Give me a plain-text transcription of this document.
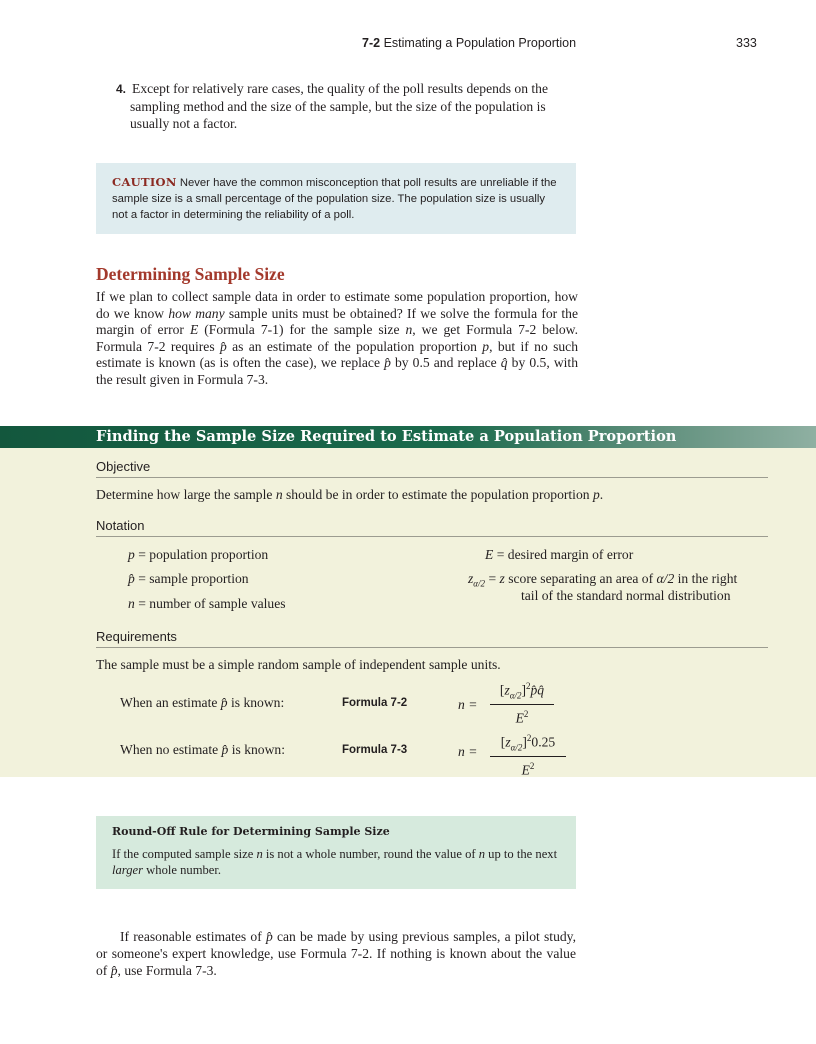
7-2 Estimating a Population Proportion	333
4. Except for relatively rare cases, the quality of the poll results depends on the sampling method and the size of the sample, but the size of the population is usually not a factor.
CAUTION Never have the common misconception that poll results are unreliable if the sample size is a small percentage of the population size. The population size is usually not a factor in determining the reliability of a poll.
Determining Sample Size
If we plan to collect sample data in order to estimate some population proportion, how do we know how many sample units must be obtained? If we solve the formula for the margin of error E (Formula 7-1) for the sample size n, we get Formula 7-2 below. Formula 7-2 requires p̂ as an estimate of the population proportion p, but if no such estimate is known (as is often the case), we replace p̂ by 0.5 and replace q̂ by 0.5, with the result given in Formula 7-3.
Finding the Sample Size Required to Estimate a Population Proportion
Objective
Determine how large the sample n should be in order to estimate the population proportion p.
Notation
p = population proportion
p̂ = sample proportion
n = number of sample values
E = desired margin of error
$z_{\alpha/2} = z$ score separating an area of α/2 in the right
tail of the standard normal distribution
Requirements
The sample must be a simple random sample of independent sample units.
When an estimate p̂ is known:	Formula 7-2	$n = \frac{[z_{\alpha/2}]^2p̂q̂}{E^2}$
When no estimate p̂ is known:	Formula 7-3	$n = \frac{[z_{\alpha/2}]^20.25}{E^2}$
Round-Off Rule for Determining Sample Size
If the computed sample size n is not a whole number, round the value of n up to the next larger whole number.
If reasonable estimates of p̂ can be made by using previous samples, a pilot study, or someone's expert knowledge, use Formula 7-2. If nothing is known about the value of p̂, use Formula 7-3.
